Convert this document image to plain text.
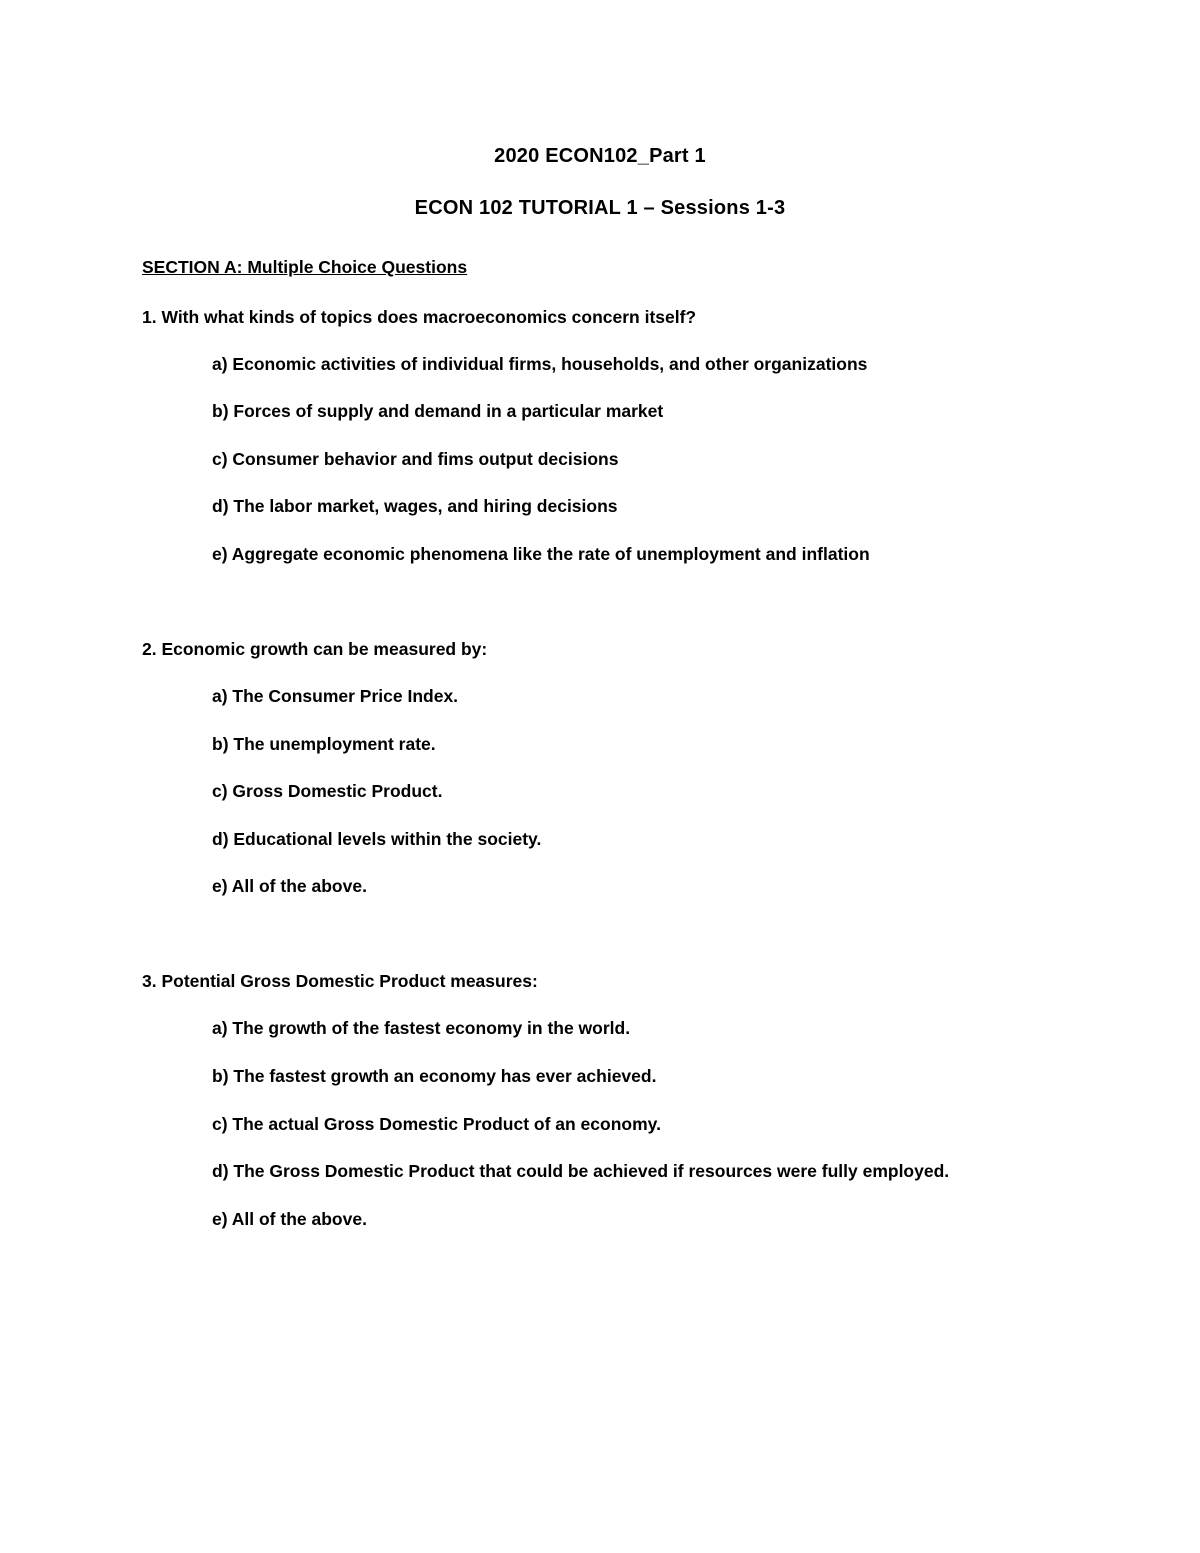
2020 ECON102_Part 1
ECON 102 TUTORIAL 1 – Sessions 1-3
SECTION A: Multiple Choice Questions
1. With what kinds of topics does macroeconomics concern itself?
a) Economic activities of individual firms, households, and other organizations
b) Forces of supply and demand in a particular market
c) Consumer behavior and fims output decisions
d) The labor market, wages, and hiring decisions
e) Aggregate economic phenomena like the rate of unemployment and inflation
2. Economic growth can be measured by:
a) The Consumer Price Index.
b) The unemployment rate.
c) Gross Domestic Product.
d) Educational levels within the society.
e) All of the above.
3. Potential Gross Domestic Product measures:
a) The growth of the fastest economy in the world.
b) The fastest growth an economy has ever achieved.
c) The actual Gross Domestic Product of an economy.
d) The Gross Domestic Product that could be achieved if resources were fully employed.
e) All of the above.
